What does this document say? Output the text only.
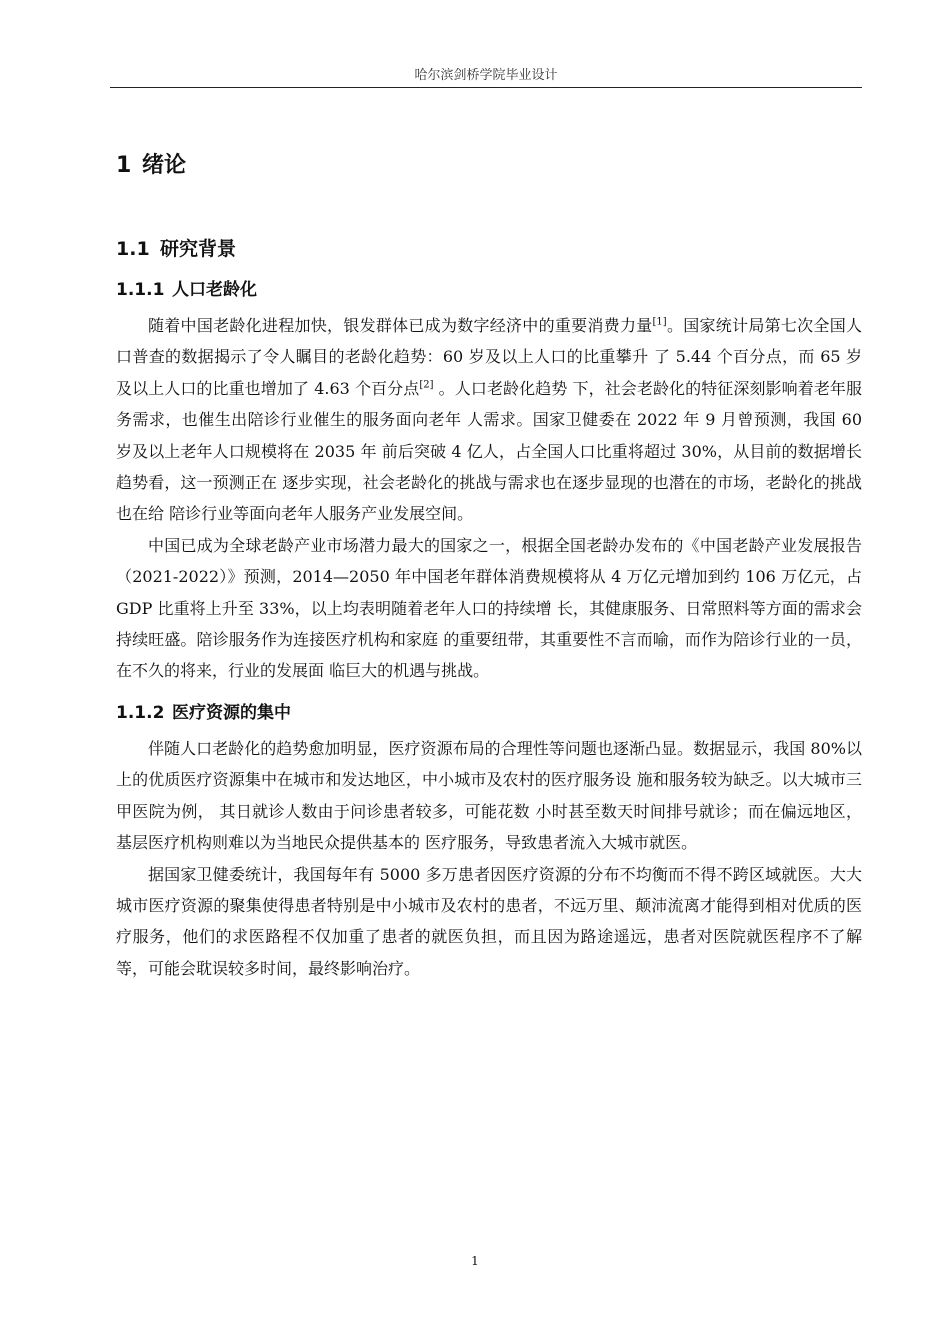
哈尔滨剑桥学院毕业设计
1 绪论
1.1 研究背景
1.1.1 人口老龄化

随着中国老龄化进程加快，银发群体已成为数字经济中的重要消费力量[1]。国家统计局第七次全国人口普查的数据揭示了令人瞩目的老龄化趋势：60 岁及以上人口的比重攀升 了 5.44 个百分点，而 65 岁及以上人口的比重也增加了 4.63 个百分点[2] 。人口老龄化趋势 下，社会老龄化的特征深刻影响着老年服务需求，也催生出陪诊行业催生的服务面向老年 人需求。国家卫健委在 2022 年 9 月曾预测，我国 60 岁及以上老年人口规模将在 2035 年 前后突破 4 亿人，占全国人口比重将超过 30%，从目前的数据增长趋势看，这一预测正在 逐步实现，社会老龄化的挑战与需求也在逐步显现的也潜在的市场，老龄化的挑战也在给 陪诊行业等面向老年人服务产业发展空间。

中国已成为全球老龄产业市场潜力最大的国家之一，根据全国老龄办发布的《中国老龄产业发展报告（2021-2022）》预测，2014—2050 年中国老年群体消费规模将从 4 万亿元增加到约 106 万亿元，占 GDP 比重将上升至 33%，以上均表明随着老年人口的持续增 长，其健康服务、日常照料等方面的需求会持续旺盛。陪诊服务作为连接医疗机构和家庭 的重要纽带，其重要性不言而喻，而作为陪诊行业的一员，在不久的将来，行业的发展面 临巨大的机遇与挑战。

1.1.2 医疗资源的集中

伴随人口老龄化的趋势愈加明显，医疗资源布局的合理性等问题也逐渐凸显。数据显示，我国 80%以上的优质医疗资源集中在城市和发达地区，中小城市及农村的医疗服务设 施和服务较为缺乏。以大城市三甲医院为例， 其日就诊人数由于问诊患者较多，可能花数 小时甚至数天时间排号就诊；而在偏远地区，基层医疗机构则难以为当地民众提供基本的 医疗服务，导致患者流入大城市就医。

据国家卫健委统计，我国每年有 5000 多万患者因医疗资源的分布不均衡而不得不跨区域就医。大大城市医疗资源的聚集使得患者特别是中小城市及农村的患者，不远万里、颠沛流离才能得到相对优质的医疗服务，他们的求医路程不仅加重了患者的就医负担，而且因为路途遥远，患者对医院就医程序不了解等，可能会耽误较多时间，最终影响治疗。

1
